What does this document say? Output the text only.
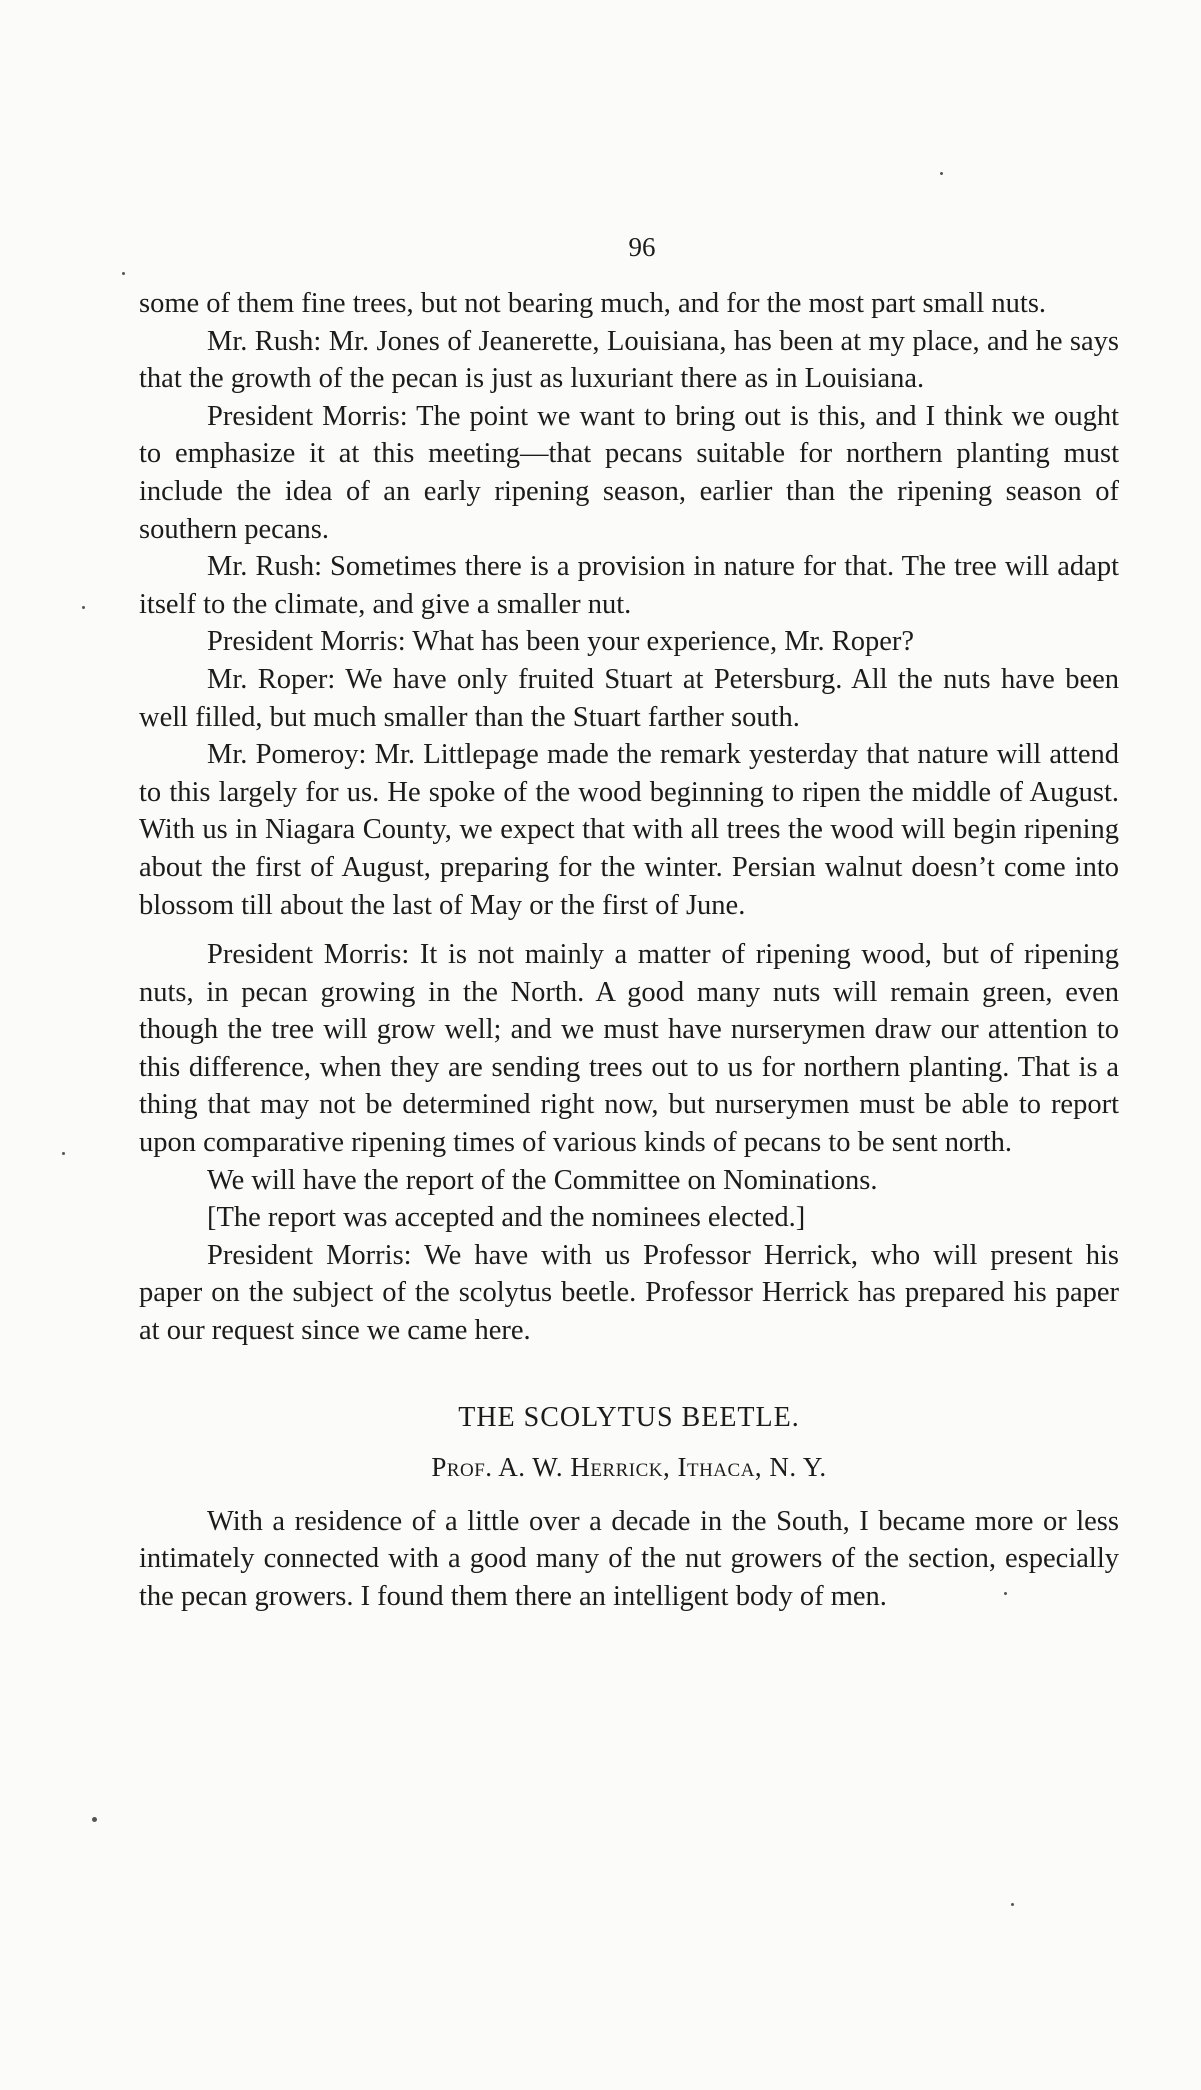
96

some of them fine trees, but not bearing much, and for the most part small nuts.

Mr. Rush: Mr. Jones of Jeanerette, Louisiana, has been at my place, and he says that the growth of the pecan is just as luxuriant there as in Louisiana.

President Morris: The point we want to bring out is this, and I think we ought to emphasize it at this meeting—that pecans suitable for northern planting must include the idea of an early ripening season, earlier than the ripening season of southern pecans.

Mr. Rush: Sometimes there is a provision in nature for that. The tree will adapt itself to the climate, and give a smaller nut.

President Morris: What has been your experience, Mr. Roper?

Mr. Roper: We have only fruited Stuart at Petersburg. All the nuts have been well filled, but much smaller than the Stuart farther south.

Mr. Pomeroy: Mr. Littlepage made the remark yesterday that nature will attend to this largely for us. He spoke of the wood beginning to ripen the middle of August. With us in Niagara County, we expect that with all trees the wood will begin ripening about the first of August, preparing for the winter. Persian walnut doesn’t come into blossom till about the last of May or the first of June.

President Morris: It is not mainly a matter of ripening wood, but of ripening nuts, in pecan growing in the North. A good many nuts will remain green, even though the tree will grow well; and we must have nurserymen draw our attention to this difference, when they are sending trees out to us for northern planting. That is a thing that may not be determined right now, but nurserymen must be able to report upon comparative ripening times of various kinds of pecans to be sent north.

We will have the report of the Committee on Nominations.

[The report was accepted and the nominees elected.]

President Morris: We have with us Professor Herrick, who will present his paper on the subject of the scolytus beetle. Professor Herrick has prepared his paper at our request since we came here.

THE SCOLYTUS BEETLE.
Prof. A. W. Herrick, Ithaca, N. Y.

With a residence of a little over a decade in the South, I became more or less intimately connected with a good many of the nut growers of the section, especially the pecan growers. I found them there an intelligent body of men.
